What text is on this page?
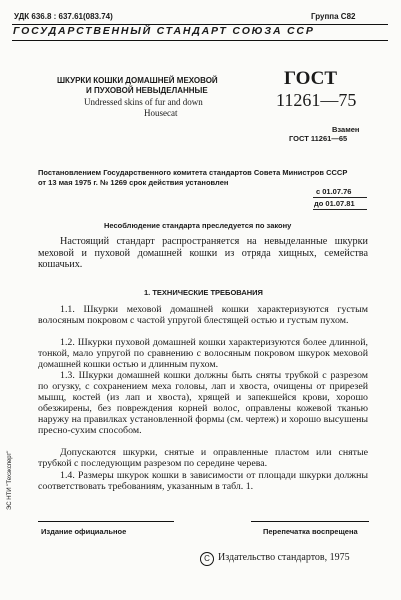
УДК 636.8 : 637.61(083.74)	Группа С82
ГОСУДАРСТВЕННЫЙ СТАНДАРТ СОЮЗА ССР
ШКУРКИ КОШКИ ДОМАШНЕЙ МЕХОВОЙ
И ПУХОВОЙ НЕВЫДЕЛАННЫЕ
Undressed skins of fur and down
Housecat
ГОСТ
11261—75
Взамен
ГОСТ 11261—65
Постановлением Государственного комитета стандартов Совета Министров СССР
от 13 мая 1975 г. № 1269 срок действия установлен
с 01.07.76
до 01.07.81
Несоблюдение стандарта преследуется по закону
Настоящий стандарт распространяется на невыделанные шкурки меховой и пуховой домашней кошки из отряда хищных, семейства кошачьих.
1. ТЕХНИЧЕСКИЕ ТРЕБОВАНИЯ
1.1. Шкурки меховой домашней кошки характеризуются густым волосяным покровом с частой упругой блестящей остью и густым пухом.
1.2. Шкурки пуховой домашней кошки характеризуются более длинной, тонкой, мало упругой по сравнению с волосяным покровом шкурок меховой домашней кошки остью и длинным пухом.
1.3. Шкурки домашней кошки должны быть сняты трубкой с разрезом по огузку, с сохранением меха головы, лап и хвоста, очищены от прирезей мышц, костей (из лап и хвоста), хрящей и запекшейся крови, хорошо обезжирены, без повреждения корней волос, оправлены кожевой тканью наружу на правилках установленной формы (см. чертеж) и хорошо высушены пресно-сухим способом.
Допускаются шкурки, снятые и оправленные пластом или снятые трубкой с последующим разрезом по середине черева.
1.4. Размеры шкурок кошки в зависимости от площади шкурки должны соответствовать требованиям, указанным в табл. 1.
ЭС НТИ "Техэксперт"
Издание официальное	Перепечатка воспрещена
С Издательство стандартов, 1975
